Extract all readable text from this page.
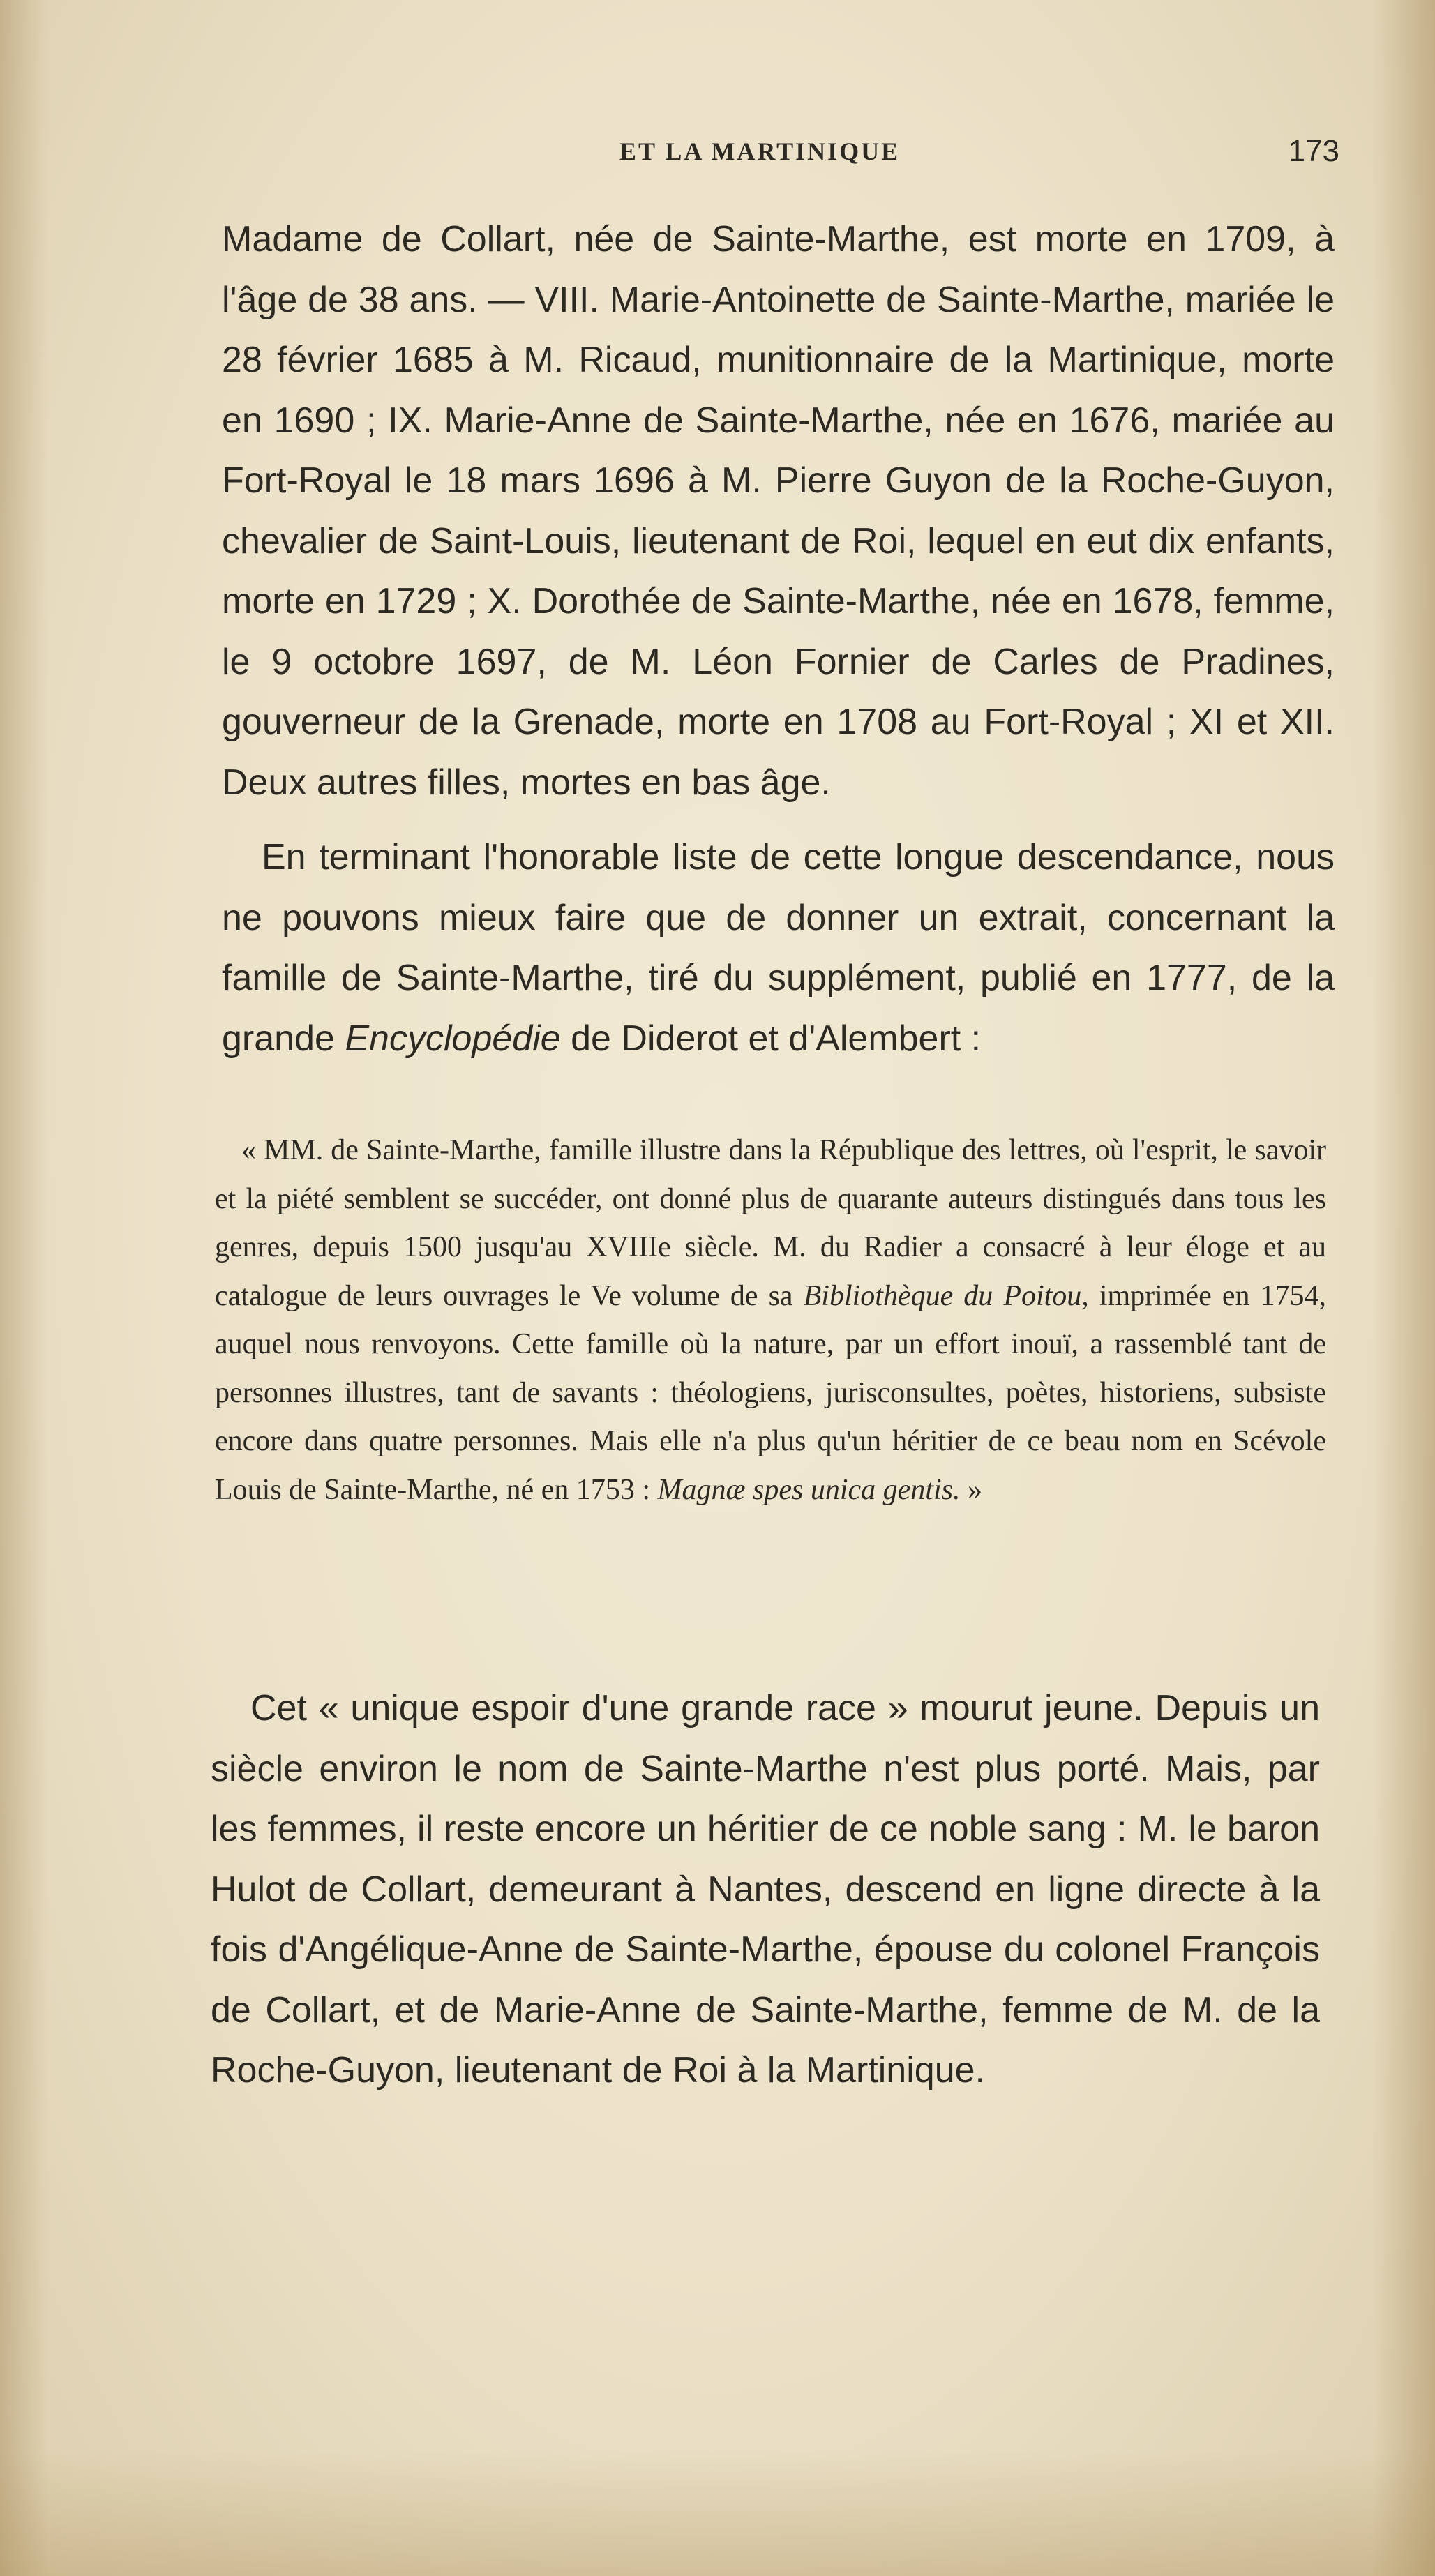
ET LA MARTINIQUE	173

Madame de Collart, née de Sainte-Marthe, est morte en 1709, à l'âge de 38 ans. — VIII. Marie-Antoinette de Sainte-Marthe, mariée le 28 février 1685 à M. Ricaud, munitionnaire de la Martinique, morte en 1690 ; IX. Marie-Anne de Sainte-Marthe, née en 1676, mariée au Fort-Royal le 18 mars 1696 à M. Pierre Guyon de la Roche-Guyon, chevalier de Saint-Louis, lieutenant de Roi, lequel en eut dix enfants, morte en 1729 ; X. Dorothée de Sainte-Marthe, née en 1678, femme, le 9 octobre 1697, de M. Léon Fornier de Carles de Pradines, gouverneur de la Grenade, morte en 1708 au Fort-Royal ; XI et XII. Deux autres filles, mortes en bas âge.

En terminant l'honorable liste de cette longue descendance, nous ne pouvons mieux faire que de donner un extrait, concernant la famille de Sainte-Marthe, tiré du supplément, publié en 1777, de la grande Encyclopédie de Diderot et d'Alembert :

« MM. de Sainte-Marthe, famille illustre dans la République des lettres, où l'esprit, le savoir et la piété semblent se succéder, ont donné plus de quarante auteurs distingués dans tous les genres, depuis 1500 jusqu'au XVIIIe siècle. M. du Radier a consacré à leur éloge et au catalogue de leurs ouvrages le Ve volume de sa Bibliothèque du Poitou, imprimée en 1754, auquel nous renvoyons. Cette famille où la nature, par un effort inouï, a rassemblé tant de personnes illustres, tant de savants : théologiens, jurisconsultes, poètes, historiens, subsiste encore dans quatre personnes. Mais elle n'a plus qu'un héritier de ce beau nom en Scévole Louis de Sainte-Marthe, né en 1753 : Magnæ spes unica gentis. »

Cet « unique espoir d'une grande race » mourut jeune. Depuis un siècle environ le nom de Sainte-Marthe n'est plus porté. Mais, par les femmes, il reste encore un héritier de ce noble sang : M. le baron Hulot de Collart, demeurant à Nantes, descend en ligne directe à la fois d'Angélique-Anne de Sainte-Marthe, épouse du colonel François de Collart, et de Marie-Anne de Sainte-Marthe, femme de M. de la Roche-Guyon, lieutenant de Roi à la Martinique.
